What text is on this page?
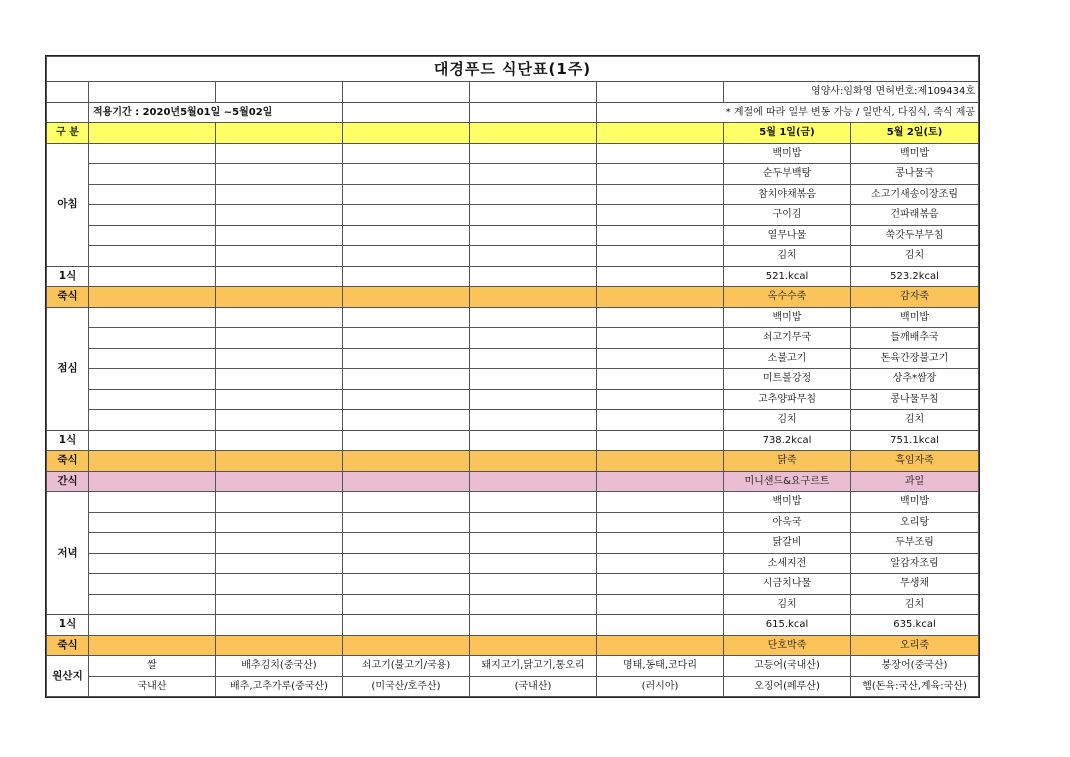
대경푸드 식단표(1주)							
						영양사:임화영 면허번호:제109434호	
	적용기간 : 2020년5월01일 ~5월02일				* 계절에 따라 일부 변동 가능 / 일반식, 다짐식, 죽식 제공		
구 분						5월 1일(금)	5월 2일(토)
아침						백미밥	백미밥
						순두부백탕	콩나물국
						참치야채볶음	소고기새송이장조림
						구이김	건파래볶음
						열무나물	쑥갓두부무침
						김치	김치
1식						521.kcal	523.2kcal
죽식						옥수수죽	감자죽
점심						백미밥	백미밥
						쇠고기무국	들깨배추국
						소불고기	돈육간장불고기
						미트볼강정	상추*쌈장
						고추양파무침	콩나물무침
						김치	김치
1식						738.2kcal	751.1kcal
죽식						닭죽	흑임자죽
간식						미니샌드&요구르트	과일
저녁						백미밥	백미밥
						아욱국	오리탕
						닭갈비	두부조림
						소세지전	알감자조림
						시금치나물	무생채
						김치	김치
1식						615.kcal	635.kcal
죽식						단호박죽	오리죽
원산지	쌀	배추김치(중국산)	쇠고기(불고기/국용)	돼지고기,닭고기,통오리	명태,동태,코다리	고등어(국내산)	붕장어(중국산)
	국내산	배추,고추가루(중국산)	(미국산/호주산)	(국내산)	(러시아)	오징어(페루산)	햄(돈육:국산,계육:국산)
